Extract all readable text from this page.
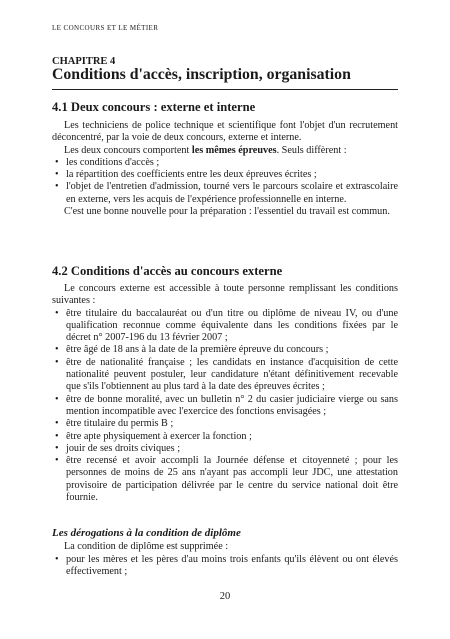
LE CONCOURS ET LE MÉTIER
CHAPITRE 4
Conditions d'accès, inscription, organisation
4.1 Deux concours : externe et interne

Les techniciens de police technique et scientifique font l'objet d'un recrutement déconcentré, par la voie de deux concours, externe et interne.

Les deux concours comportent les mêmes épreuves. Seuls diffèrent :

• les conditions d'accès ;
• la répartition des coefficients entre les deux épreuves écrites ;
• l'objet de l'entretien d'admission, tourné vers le parcours scolaire et extrascolaire en externe, vers les acquis de l'expérience professionnelle en interne.

C'est une bonne nouvelle pour la préparation : l'essentiel du travail est commun.

4.2 Conditions d'accès au concours externe

Le concours externe est accessible à toute personne remplissant les conditions suivantes :

• être titulaire du baccalauréat ou d'un titre ou diplôme de niveau IV, ou d'une qualification reconnue comme équivalente dans les conditions fixées par le décret n° 2007-196 du 13 février 2007 ;
• être âgé de 18 ans à la date de la première épreuve du concours ;
• être de nationalité française ; les candidats en instance d'acquisition de cette nationalité peuvent postuler, leur candidature n'étant définitivement recevable que s'ils l'obtiennent au plus tard à la date des épreuves écrites ;
• être de bonne moralité, avec un bulletin n° 2 du casier judiciaire vierge ou sans mention incompatible avec l'exercice des fonctions envisagées ;
• être titulaire du permis B ;
• être apte physiquement à exercer la fonction ;
• jouir de ses droits civiques ;
• être recensé et avoir accompli la Journée défense et citoyenneté ; pour les personnes de moins de 25 ans n'ayant pas accompli leur JDC, une attestation provisoire de participation délivrée par le centre du service national doit être fournie.
Les dérogations à la condition de diplôme

La condition de diplôme est supprimée :

• pour les mères et les pères d'au moins trois enfants qu'ils élèvent ou ont élevés effectivement ;
20
